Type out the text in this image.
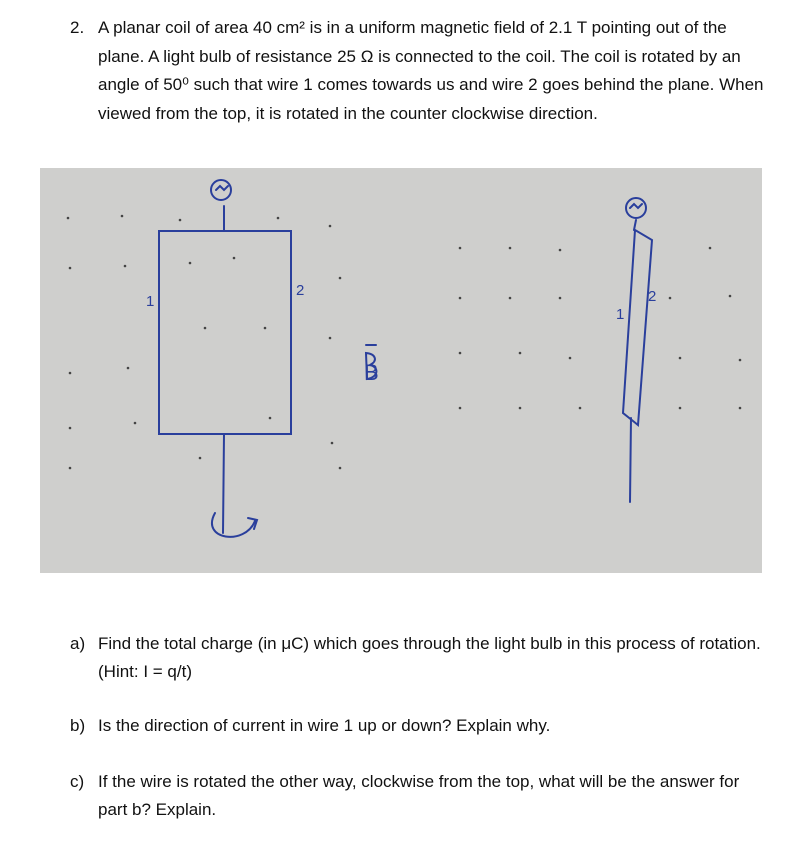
2. A planar coil of area 40 cm² is in a uniform magnetic field of 2.1 T pointing out of the plane. A light bulb of resistance 25 Ω is connected to the coil. The coil is rotated by an angle of 50⁰ such that wire 1 comes towards us and wire 2 goes behind the plane. When viewed from the top, it is rotated in the counter clockwise direction.
1
2
B
1
2
a) Find the total charge (in μC) which goes through the light bulb in this process of rotation. (Hint: I = q/t)
b) Is the direction of current in wire 1 up or down? Explain why.
c) If the wire is rotated the other way, clockwise from the top, what will be the answer for part b? Explain.
